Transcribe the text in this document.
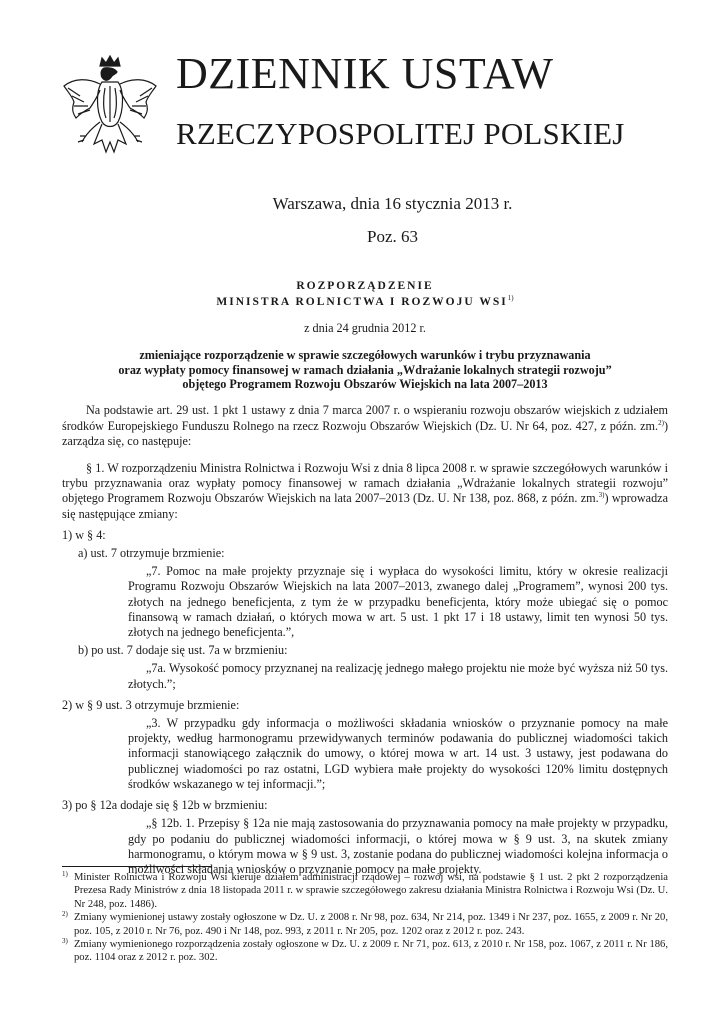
DZIENNIK USTAW
RZECZYPOSPOLITEJ POLSKIEJ
Warszawa, dnia 16 stycznia 2013 r.
Poz. 63
ROZPORZĄDZENIE
MINISTRA ROLNICTWA I ROZWOJU WSI$^{1)}$
z dnia 24 grudnia 2012 r.
zmieniające rozporządzenie w sprawie szczegółowych warunków i trybu przyznawania
oraz wypłaty pomocy finansowej w ramach działania „Wdrażanie lokalnych strategii rozwoju”
objętego Programem Rozwoju Obszarów Wiejskich na lata 2007–2013

Na podstawie art. 29 ust. 1 pkt 1 ustawy z dnia 7 marca 2007 r. o wspieraniu rozwoju obszarów wiejskich z udziałem środków Europejskiego Funduszu Rolnego na rzecz Rozwoju Obszarów Wiejskich (Dz. U. Nr 64, poz. 427, z późn. zm.$^{2)}$) zarządza się, co następuje:

§ 1. W rozporządzeniu Ministra Rolnictwa i Rozwoju Wsi z dnia 8 lipca 2008 r. w sprawie szczegółowych warunków i trybu przyznawania oraz wypłaty pomocy finansowej w ramach działania „Wdrażanie lokalnych strategii rozwoju” objętego Programem Rozwoju Obszarów Wiejskich na lata 2007–2013 (Dz. U. Nr 138, poz. 868, z późn. zm.$^{3)}$) wprowadza się następujące zmiany:

1) w § 4:

a) ust. 7 otrzymuje brzmienie:

„7. Pomoc na małe projekty przyznaje się i wypłaca do wysokości limitu, który w okresie realizacji Programu Rozwoju Obszarów Wiejskich na lata 2007–2013, zwanego dalej „Programem”, wynosi 200 tys. złotych na jednego beneficjenta, z tym że w przypadku beneficjenta, który może ubiegać się o pomoc finansową w ramach działań, o których mowa w art. 5 ust. 1 pkt 17 i 18 ustawy, limit ten wynosi 50 tys. złotych na jednego beneficjenta.”,

b) po ust. 7 dodaje się ust. 7a w brzmieniu:

„7a. Wysokość pomocy przyznanej na realizację jednego małego projektu nie może być wyższa niż 50 tys. złotych.”;

2) w § 9 ust. 3 otrzymuje brzmienie:

„3. W przypadku gdy informacja o możliwości składania wniosków o przyznanie pomocy na małe projekty, według harmonogramu przewidywanych terminów podawania do publicznej wiadomości takich informacji stanowiącego załącznik do umowy, o której mowa w art. 14 ust. 3 ustawy, jest podawana do publicznej wiadomości po raz ostatni, LGD wybiera małe projekty do wysokości 120% limitu dostępnych środków wskazanego w tej informacji.”;

3) po § 12a dodaje się § 12b w brzmieniu:

„§ 12b. 1. Przepisy § 12a nie mają zastosowania do przyznawania pomocy na małe projekty w przypadku, gdy po podaniu do publicznej wiadomości informacji, o której mowa w § 9 ust. 3, na skutek zmiany harmonogramu, o którym mowa w § 9 ust. 3, zostanie podana do publicznej wiadomości kolejna informacja o możliwości składania wniosków o przyznanie pomocy na małe projekty.

1) Minister Rolnictwa i Rozwoju Wsi kieruje działem administracji rządowej – rozwój wsi, na podstawie § 1 ust. 2 pkt 2 rozporządzenia Prezesa Rady Ministrów z dnia 18 listopada 2011 r. w sprawie szczegółowego zakresu działania Ministra Rolnictwa i Rozwoju Wsi (Dz. U. Nr 248, poz. 1486).
2) Zmiany wymienionej ustawy zostały ogłoszone w Dz. U. z 2008 r. Nr 98, poz. 634, Nr 214, poz. 1349 i Nr 237, poz. 1655, z 2009 r. Nr 20, poz. 105, z 2010 r. Nr 76, poz. 490 i Nr 148, poz. 993, z 2011 r. Nr 205, poz. 1202 oraz z 2012 r. poz. 243.
3) Zmiany wymienionego rozporządzenia zostały ogłoszone w Dz. U. z 2009 r. Nr 71, poz. 613, z 2010 r. Nr 158, poz. 1067, z 2011 r. Nr 186, poz. 1104 oraz z 2012 r. poz. 302.
